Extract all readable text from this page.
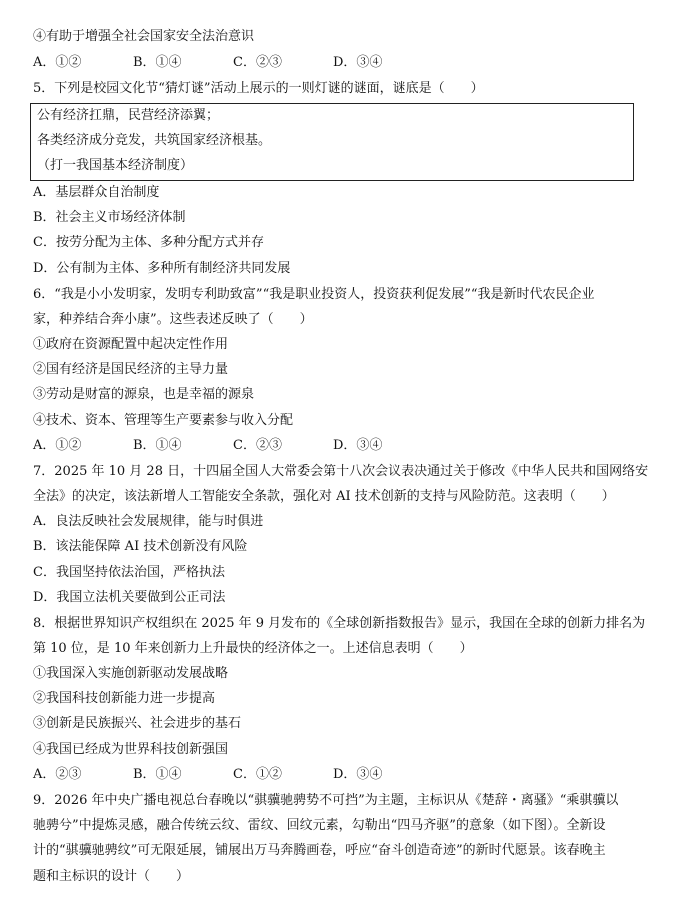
④有助于增强全社会国家安全法治意识
A．①②	B．①④	C．②③	D．③④
5．下列是校园文化节“猜灯谜”活动上展示的一则灯谜的谜面，谜底是（　　）
公有经济扛鼎，民营经济添翼；
各类经济成分竞发，共筑国家经济根基。
（打一我国基本经济制度）
A．基层群众自治制度
B．社会主义市场经济体制
C．按劳分配为主体、多种分配方式并存
D．公有制为主体、多种所有制经济共同发展
6．“我是小小发明家，发明专利助致富”“我是职业投资人，投资获利促发展”“我是新时代农民企业
家，种养结合奔小康”。这些表述反映了（　　）
①政府在资源配置中起决定性作用
②国有经济是国民经济的主导力量
③劳动是财富的源泉，也是幸福的源泉
④技术、资本、管理等生产要素参与收入分配
A．①②	B．①④	C．②③	D．③④
7．2025 年 10 月 28 日，十四届全国人大常委会第十八次会议表决通过关于修改《中华人民共和国网络安
全法》的决定，该法新增人工智能安全条款，强化对 AI 技术创新的支持与风险防范。这表明（　　）
A．良法反映社会发展规律，能与时俱进
B．该法能保障 AI 技术创新没有风险
C．我国坚持依法治国，严格执法
D．我国立法机关要做到公正司法
8．根据世界知识产权组织在 2025 年 9 月发布的《全球创新指数报告》显示，我国在全球的创新力排名为
第 10 位，是 10 年来创新力上升最快的经济体之一。上述信息表明（　　）
①我国深入实施创新驱动发展战略
②我国科技创新能力进一步提高
③创新是民族振兴、社会进步的基石
④我国已经成为世界科技创新强国
A．②③	B．①④	C．①②	D．③④
9．2026 年中央广播电视总台春晚以“骐骥驰骋势不可挡”为主题，主标识从《楚辞・离骚》“乘骐骥以
驰骋兮”中提炼灵感，融合传统云纹、雷纹、回纹元素，勾勒出“四马齐驱”的意象（如下图）。全新设
计的“骐骥驰骋纹”可无限延展，铺展出万马奔腾画卷，呼应“奋斗创造奇迹”的新时代愿景。该春晚主
题和主标识的设计（　　）
